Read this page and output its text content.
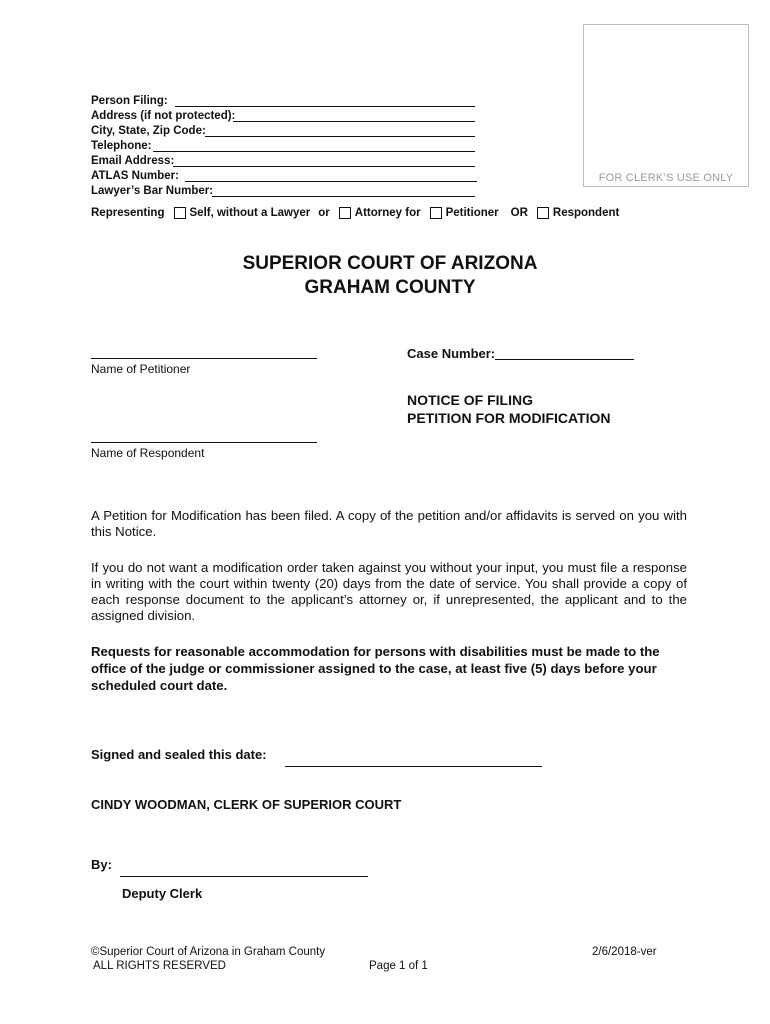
FOR CLERK’S USE ONLY
Person Filing:
Address (if not protected):
City, State, Zip Code:
Telephone:
Email Address:
ATLAS Number:
Lawyer’s Bar Number:
Representing Self, without a Lawyer or Attorney for Petitioner OR Respondent
SUPERIOR COURT OF ARIZONA
GRAHAM COUNTY
Name of Petitioner
Case Number:
NOTICE OF FILING
PETITION FOR MODIFICATION
Name of Respondent
A Petition for Modification has been filed. A copy of the petition and/or affidavits is served on you with this Notice.
If you do not want a modification order taken against you without your input, you must file a response in writing with the court within twenty (20) days from the date of service. You shall provide a copy of each response document to the applicant’s attorney or, if unrepresented, the applicant and to the assigned division.
Requests for reasonable accommodation for persons with disabilities must be made to the office of the judge or commissioner assigned to the case, at least five (5) days before your scheduled court date.
Signed and sealed this date:
CINDY WOODMAN, CLERK OF SUPERIOR COURT
By:
Deputy Clerk
©Superior Court of Arizona in Graham County
ALL RIGHTS RESERVED	Page 1 of 1
2/6/2018-ver
